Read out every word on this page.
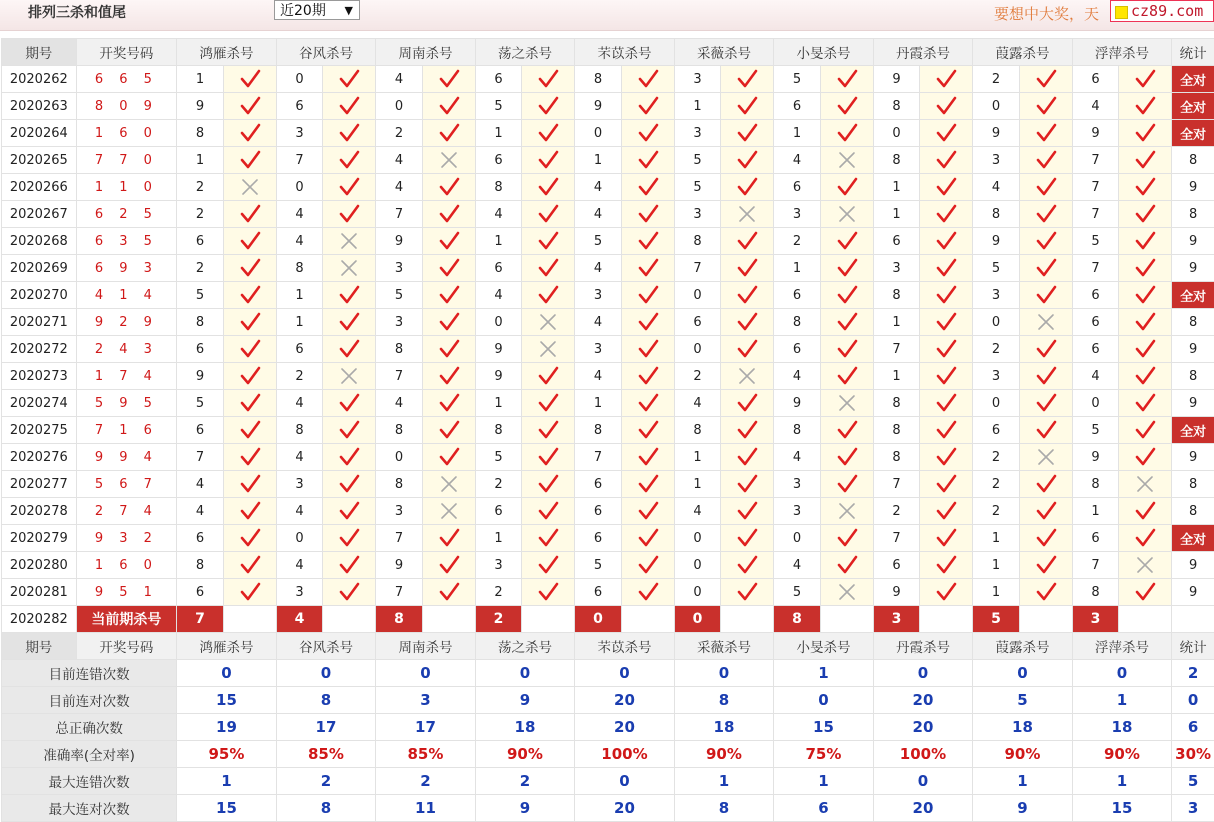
排列三杀和值尾	近20期 ▼	要想中大奖，天	cz89.com
期号	开奖号码	鸿雁杀号		谷风杀号		周南杀号		荡之杀号		芣苡杀号		采薇杀号		小旻杀号		丹霞杀号		葭露杀号		浮萍杀号		统计
2020262	6 6 5	1		0		4		6		8		3		5		9		2		6		全对
2020263	8 0 9	9		6		0		5		9		1		6		8		0		4		全对
2020264	1 6 0	8		3		2		1		0		3		1		0		9		9		全对
2020265	7 7 0	1		7		4		6		1		5		4		8		3		7		8
2020266	1 1 0	2		0		4		8		4		5		6		1		4		7		9
2020267	6 2 5	2		4		7		4		4		3		3		1		8		7		8
2020268	6 3 5	6		4		9		1		5		8		2		6		9		5		9
2020269	6 9 3	2		8		3		6		4		7		1		3		5		7		9
2020270	4 1 4	5		1		5		4		3		0		6		8		3		6		全对
2020271	9 2 9	8		1		3		0		4		6		8		1		0		6		8
2020272	2 4 3	6		6		8		9		3		0		6		7		2		6		9
2020273	1 7 4	9		2		7		9		4		2		4		1		3		4		8
2020274	5 9 5	5		4		4		1		1		4		9		8		0		0		9
2020275	7 1 6	6		8		8		8		8		8		8		8		6		5		全对
2020276	9 9 4	7		4		0		5		7		1		4		8		2		9		9
2020277	5 6 7	4		3		8		2		6		1		3		7		2		8		8
2020278	2 7 4	4		4		3		6		6		4		3		2		2		1		8
2020279	9 3 2	6		0		7		1		6		0		0		7		1		6		全对
2020280	1 6 0	8		4		9		3		5		0		4		6		1		7		9
2020281	9 5 1	6		3		7		2		6		0		5		9		1		8		9
2020282	当前期杀号	7		4		8		2		0		0		8		3		5		3		
期号	开奖号码	鸿雁杀号		谷风杀号		周南杀号		荡之杀号		芣苡杀号		采薇杀号		小旻杀号		丹霞杀号		葭露杀号		浮萍杀号		统计
目前连错次数		0		0		0		0		0		0		1		0		0		0		2
目前连对次数		15		8		3		9		20		8		0		20		5		1		0
总正确次数		19		17		17		18		20		18		15		20		18		18		6
准确率(全对率)		95%		85%		85%		90%		100%		90%		75%		100%		90%		90%		30%
最大连错次数		1		2		2		2		0		1		1		0		1		1		5
最大连对次数		15		8		11		9		20		8		6		20		9		15		3
